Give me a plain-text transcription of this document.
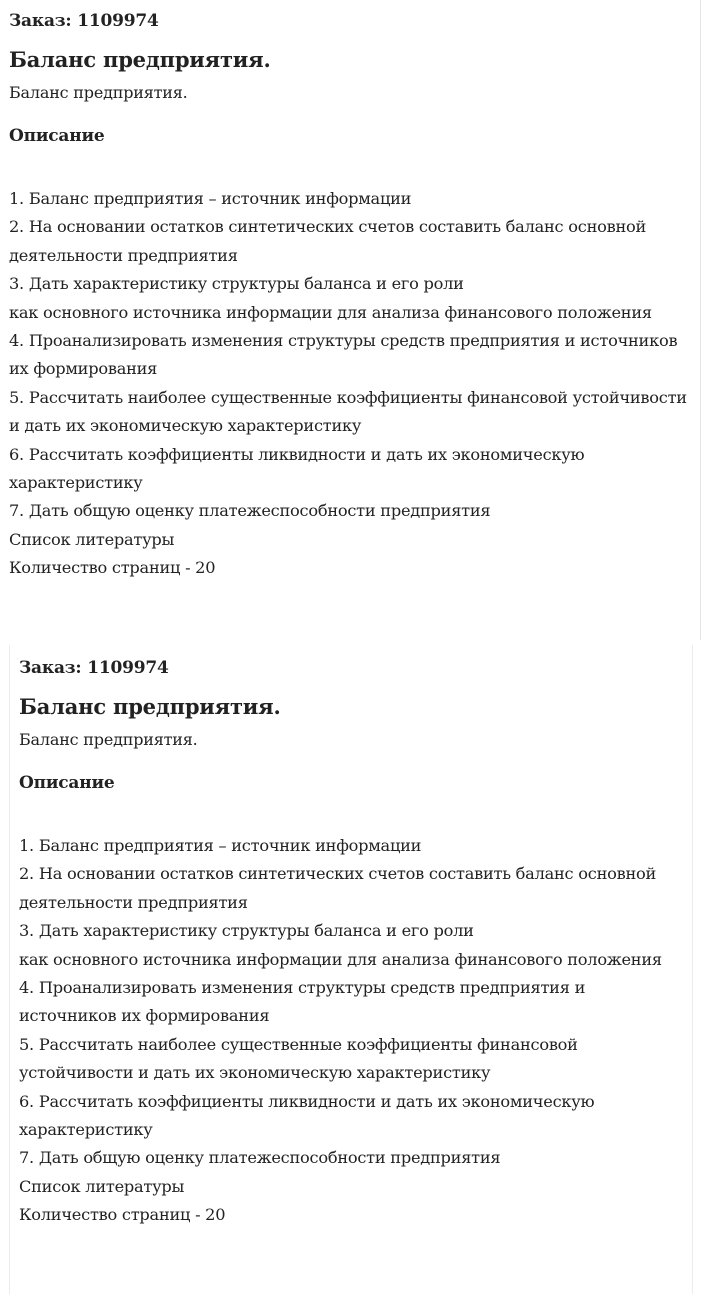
Заказ: 1109974

Баланс предприятия.

Баланс предприятия.

Описание
1. Баланс предприятия – источник информации
2. На основании остатков синтетических счетов составить баланс основной деятельности предприятия
3. Дать характеристику структуры баланса и его роли
как основного источника информации для анализа финансового положения
4. Проанализировать изменения структуры средств предприятия и источников их формирования
5. Рассчитать наиболее существенные коэффициенты финансовой устойчивости и дать их экономическую характеристику
6. Рассчитать коэффициенты ликвидности и дать их экономическую характеристику
7. Дать общую оценку платежеспособности предприятия
Список литературы
Количество страниц - 20

Заказ: 1109974

Баланс предприятия.

Баланс предприятия.

Описание
1. Баланс предприятия – источник информации
2. На основании остатков синтетических счетов составить баланс основной деятельности предприятия
3. Дать характеристику структуры баланса и его роли
как основного источника информации для анализа финансового положения
4. Проанализировать изменения структуры средств предприятия и источников их формирования
5. Рассчитать наиболее существенные коэффициенты финансовой устойчивости и дать их экономическую характеристику
6. Рассчитать коэффициенты ликвидности и дать их экономическую характеристику
7. Дать общую оценку платежеспособности предприятия
Список литературы
Количество страниц - 20
